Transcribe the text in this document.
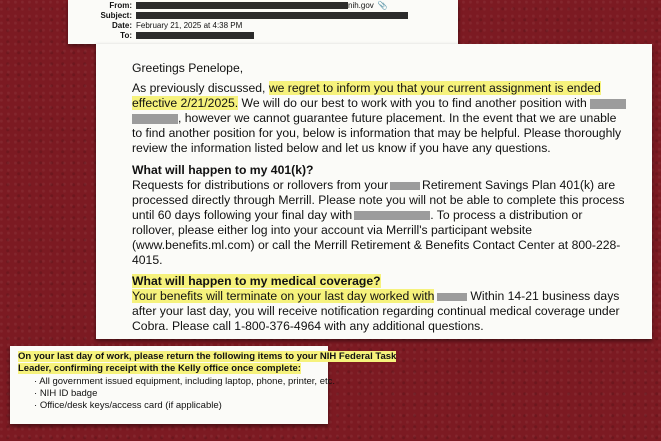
From:	nih.gov 📎
Subject:
Date: February 21, 2025 at 4:38 PM
To:
Greetings Penelope,
As previously discussed, we regret to inform you that your current assignment is ended
effective 2/21/2025. We will do our best to work with you to find another position with
, however we cannot guarantee future placement. In the event that we are unable
to find another position for you, below is information that may be helpful. Please thoroughly
review the information listed below and let us know if you have any questions.
What will happen to my 401(k)?
Requests for distributions or rollovers from your	Retirement Savings Plan 401(k) are
processed directly through Merrill. Please note you will not be able to complete this process
until 60 days following your final day with	. To process a distribution or
rollover, please either log into your account via Merrill's participant website
(www.benefits.ml.com) or call the Merrill Retirement & Benefits Contact Center at 800-228-
4015.
What will happen to my medical coverage?
Your benefits will terminate on your last day worked with	Within 14-21 business days
after your last day, you will receive notification regarding continual medical coverage under
Cobra. Please call 1-800-376-4964 with any additional questions.
On your last day of work, please return the following items to your NIH Federal Task
Leader, confirming receipt with the Kelly office once complete:
· All government issued equipment, including laptop, phone, printer, etc.
· NIH ID badge
· Office/desk keys/access card (if applicable)
